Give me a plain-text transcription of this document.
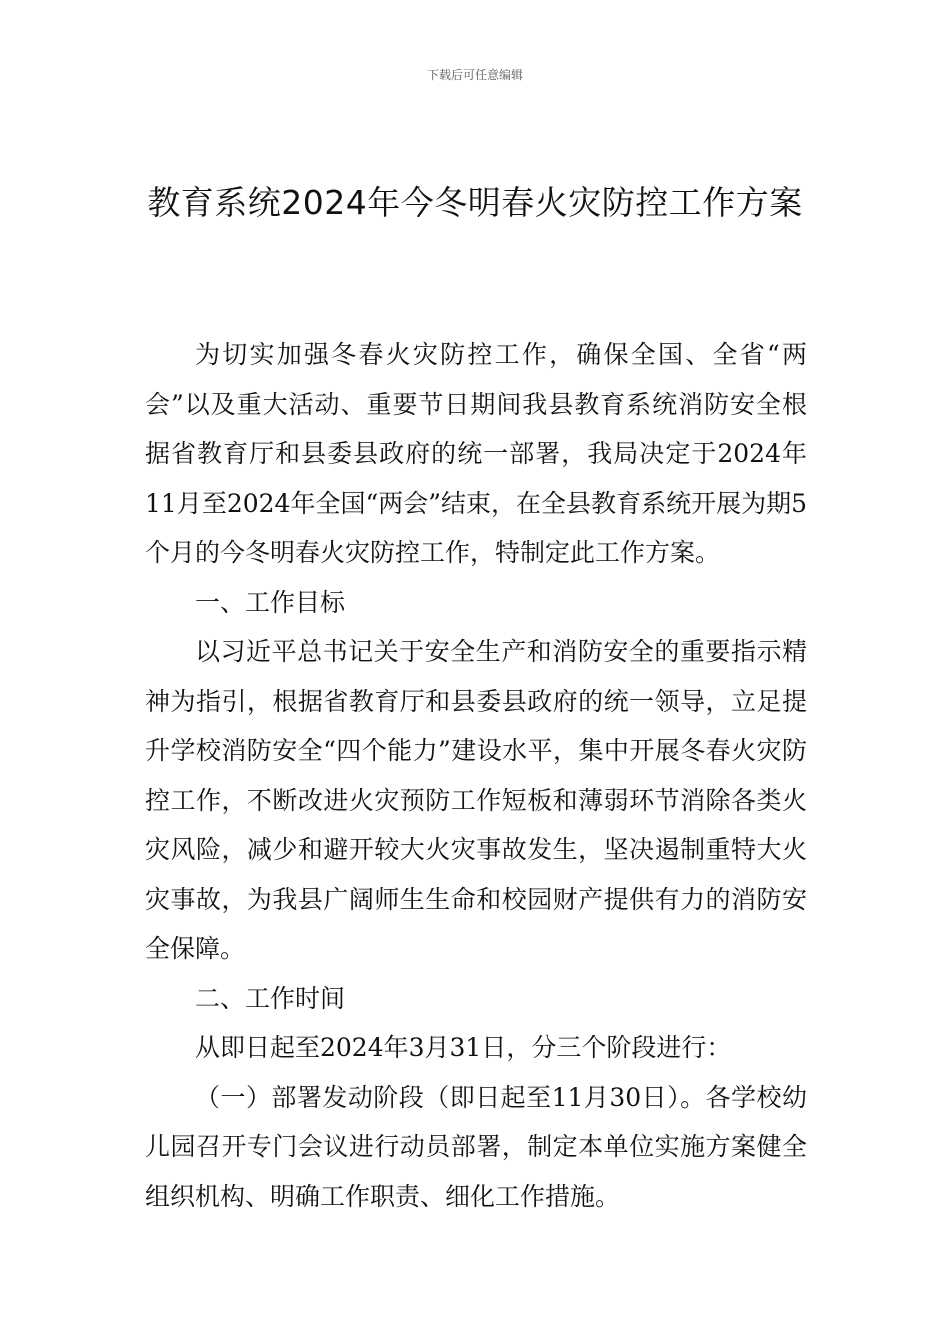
下载后可任意编辑
教育系统2024年今冬明春火灾防控工作方案

为切实加强冬春火灾防控工作，确保全国、全省“两会”以及重大活动、重要节日期间我县教育系统消防安全根据省教育厅和县委县政府的统一部署，我局决定于2024年11月至2024年全国“两会”结束，在全县教育系统开展为期5个月的今冬明春火灾防控工作，特制定此工作方案。

一、工作目标

以习近平总书记关于安全生产和消防安全的重要指示精神为指引，根据省教育厅和县委县政府的统一领导，立足提升学校消防安全“四个能力”建设水平，集中开展冬春火灾防控工作，不断改进火灾预防工作短板和薄弱环节消除各类火灾风险，减少和避开较大火灾事故发生，坚决遏制重特大火灾事故，为我县广阔师生生命和校园财产提供有力的消防安全保障。

二、工作时间

从即日起至2024年3月31日，分三个阶段进行：

（一）部署发动阶段（即日起至11月30日）。各学校幼儿园召开专门会议进行动员部署，制定本单位实施方案健全组织机构、明确工作职责、细化工作措施。
